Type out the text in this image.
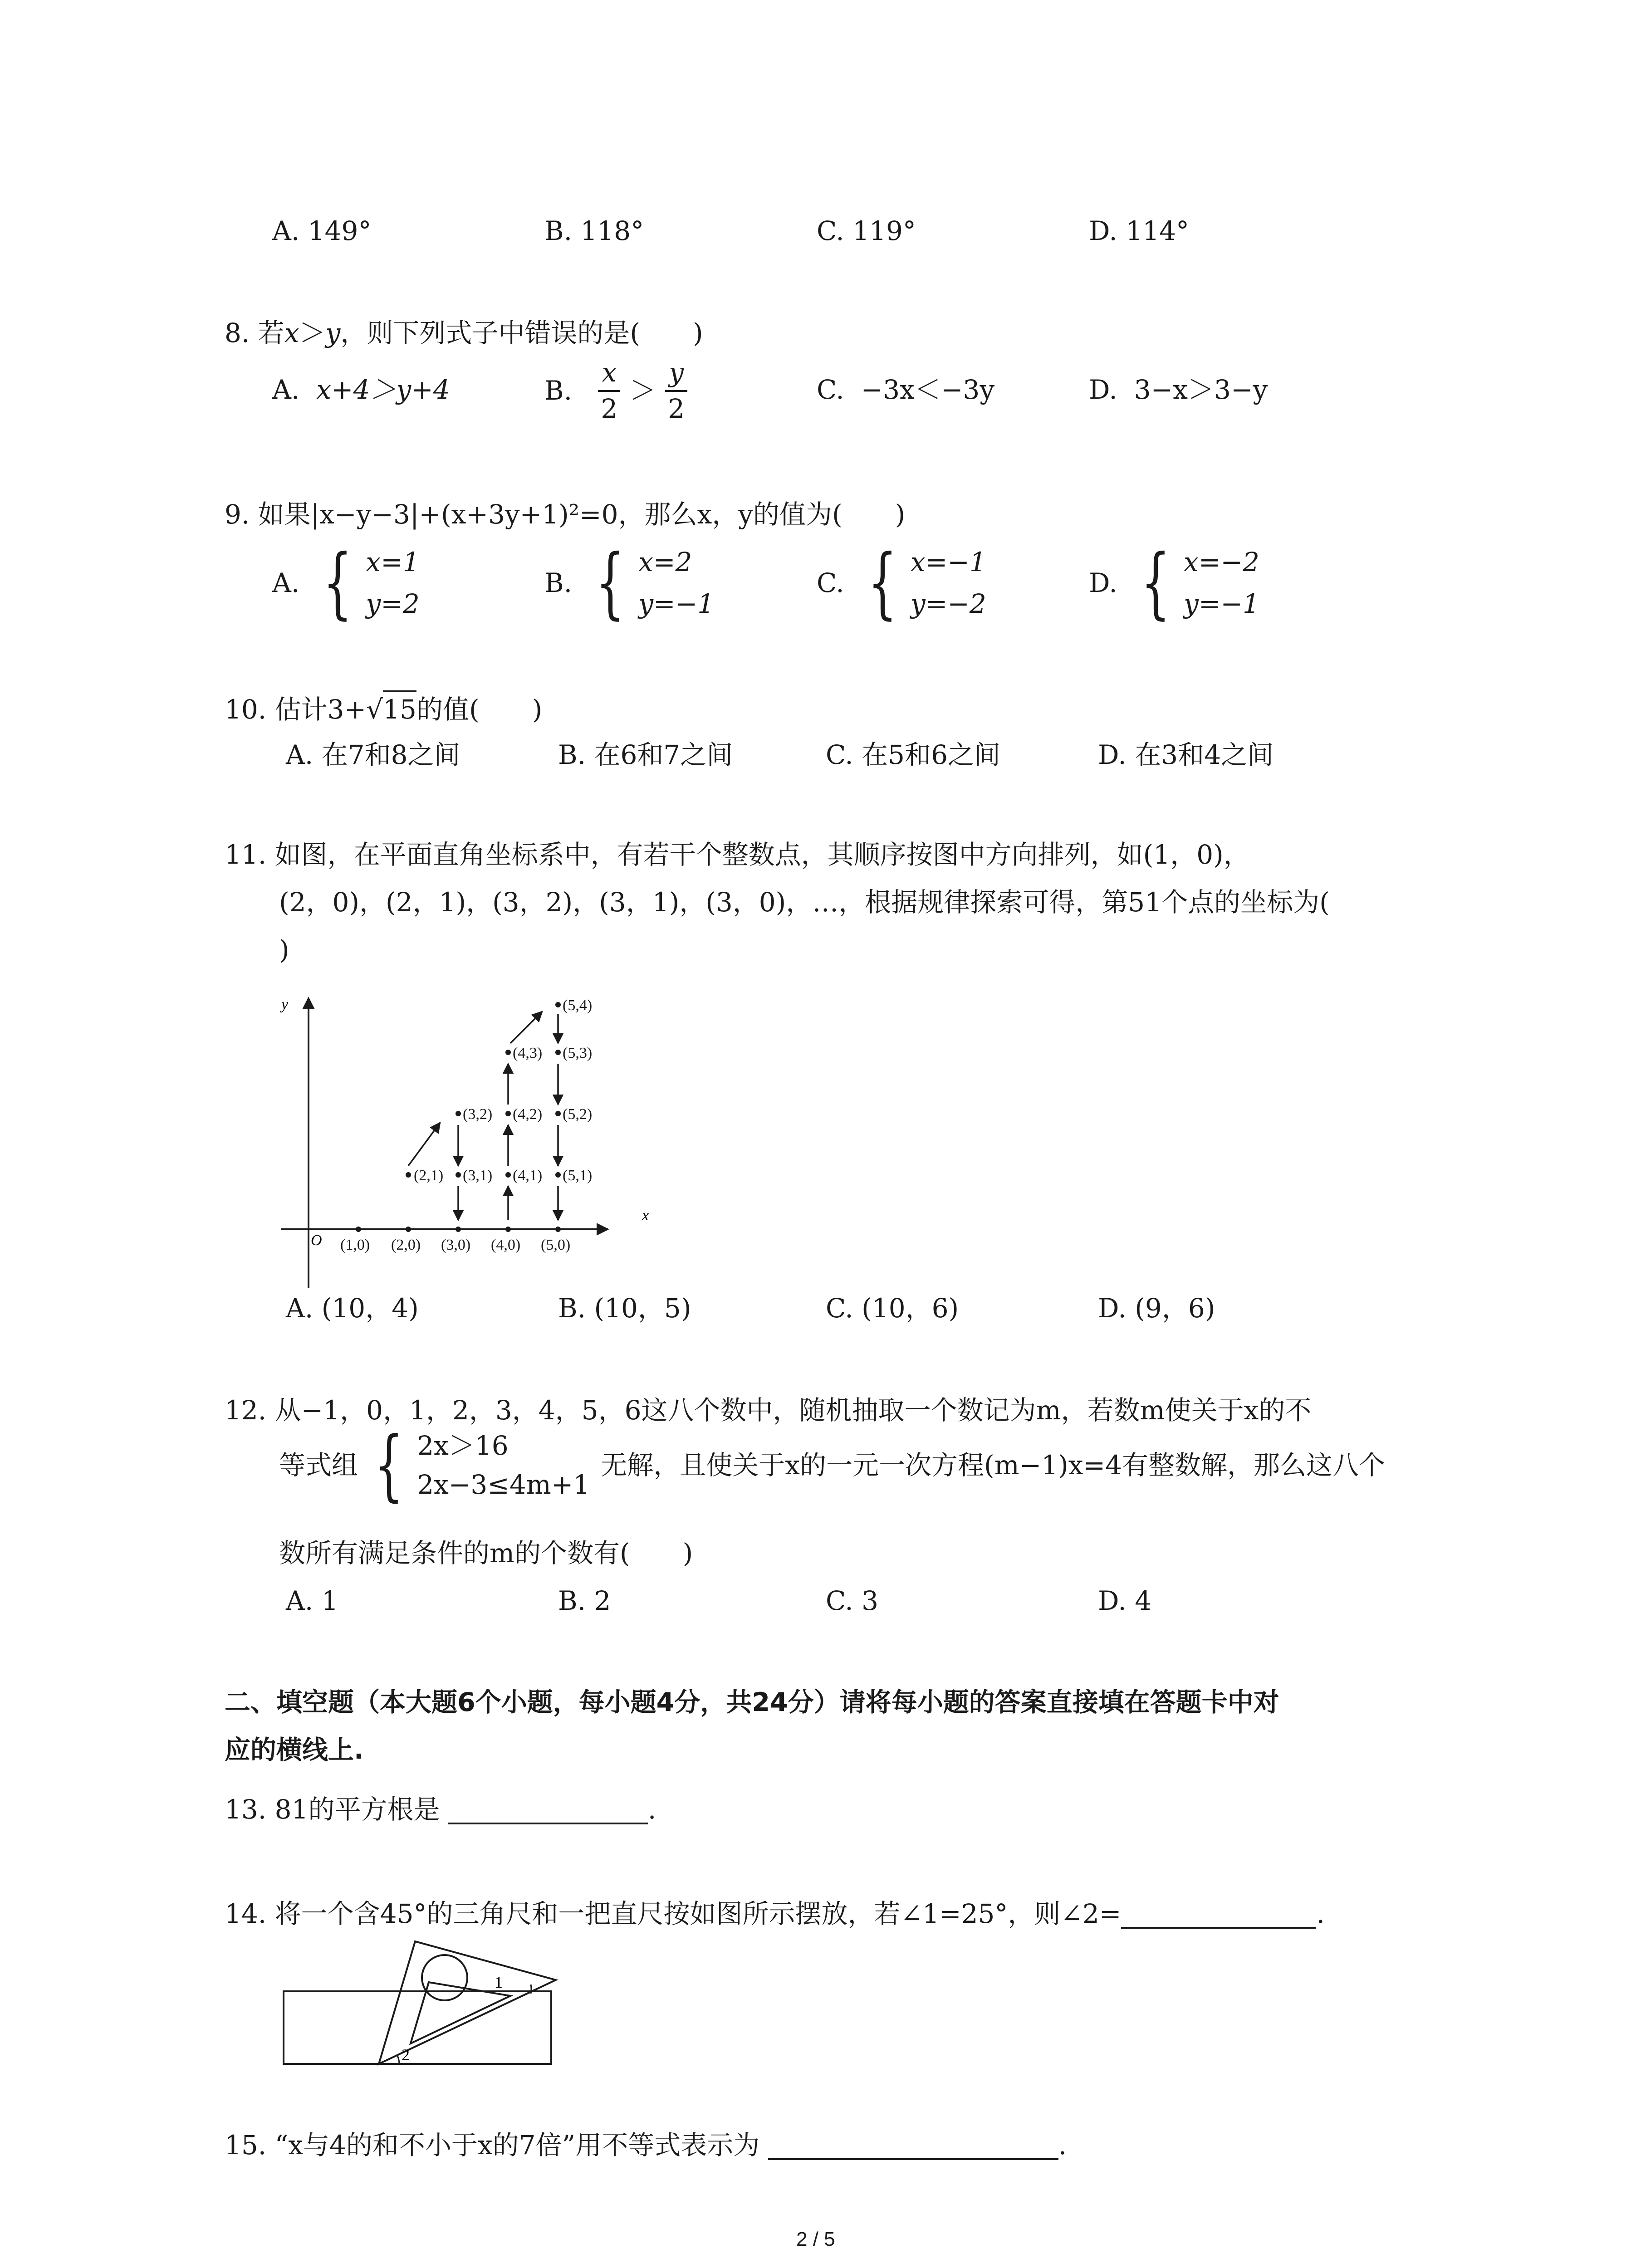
A. 149°	B. 118°	C. 119°	D. 114°
8. 若x＞y，则下列式子中错误的是(　　)
A. x+4＞y+4	B. $\frac{x}{2} > \frac{y}{2}$	C. −3x＜−3y	D. 3−x＞3−y
9. 如果|x−y−3|+(x+3y+1)²=0，那么x，y的值为(　　)
A. { x=1
y=2
B. { x=2
y=−1
C. { x=−1
y=−2
D. { x=−2
y=−1
10. 估计3+√15的值(　　)
A. 在7和8之间	B. 在6和7之间	C. 在5和6之间	D. 在3和4之间
11. 如图，在平面直角坐标系中，有若干个整数点，其顺序按图中方向排列，如(1，0)，
(2，0)，(2，1)，(3，2)，(3，1)，(3，0)，…，根据规律探索可得，第51个点的坐标为(
)
y
x
O (1,0) (2,0) (3,0) (4,0) (5,0)
(2,1) (3,1) (4,1) (5,1)
(3,2) (4,2) (5,2)
(4,3) (5,3)
(5,4)
A. (10，4)	B. (10，5)	C. (10，6)	D. (9，6)
12. 从−1，0，1，2，3，4，5，6这八个数中，随机抽取一个数记为m，若数m使关于x的不
等式组 { 2x＞16
2x−3≤4m+1
无解，且使关于x的一元一次方程(m−1)x=4有整数解，那么这八个
数所有满足条件的m的个数有(　　)
A. 1	B. 2	C. 3	D. 4
二、填空题（本大题6个小题，每小题4分，共24分）请将每小题的答案直接填在答题卡中对
应的横线上.
13. 81的平方根是	.
14. 将一个含45°的三角尺和一把直尺按如图所示摆放，若∠1=25°，则∠2=	.
1
2
15. “x与4的和不小于x的7倍”用不等式表示为	.
2 / 5
